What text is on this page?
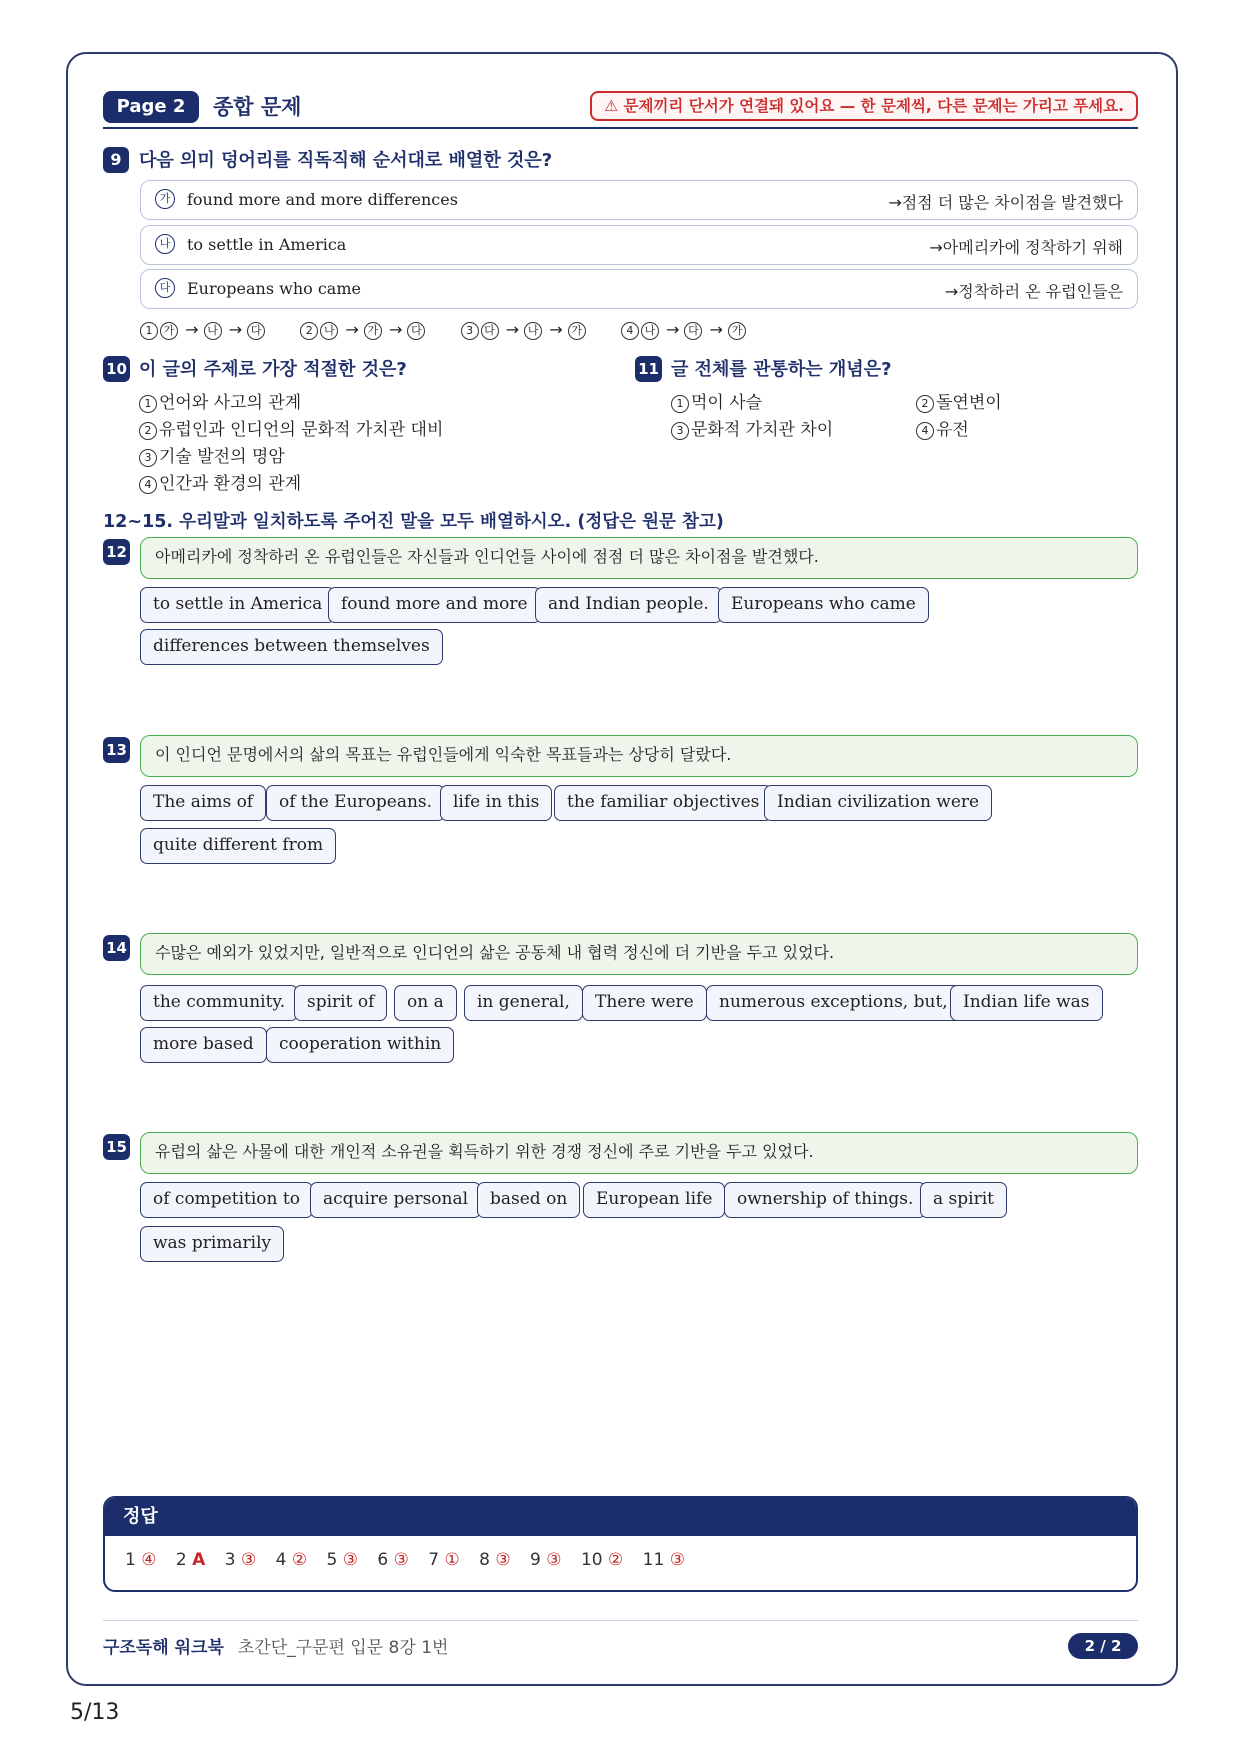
Page 2	종합 문제	⚠ 문제끼리 단서가 연결돼 있어요 — 한 문제씩, 다른 문제는 가리고 푸세요.
9 다음 의미 덩어리를 직독직해 순서대로 배열한 것은?
가 found more and more differences	→점점 더 많은 차이점을 발견했다
나 to settle in America	→아메리카에 정착하기 위해
다 Europeans who came	→정착하러 온 유럽인들은
1 가 → 나 → 다	2 나 → 가 → 다	3 다 → 나 → 가	4 나 → 다 → 가
10 이 글의 주제로 가장 적절한 것은?
1 언어와 사고의 관계
2 유럽인과 인디언의 문화적 가치관 대비
3 기술 발전의 명암
4 인간과 환경의 관계
11 글 전체를 관통하는 개념은?
1 먹이 사슬	2 돌연변이
3 문화적 가치관 차이	4 유전
12~15. 우리말과 일치하도록 주어진 말을 모두 배열하시오. (정답은 원문 참고)
12	아메리카에 정착하러 온 유럽인들은 자신들과 인디언들 사이에 점점 더 많은 차이점을 발견했다.
to settle in America	found more and more	and Indian people.	Europeans who came
differences between themselves
13	이 인디언 문명에서의 삶의 목표는 유럽인들에게 익숙한 목표들과는 상당히 달랐다.
The aims of	of the Europeans.	life in this	the familiar objectives	Indian civilization were
quite different from
14	수많은 예외가 있었지만, 일반적으로 인디언의 삶은 공동체 내 협력 정신에 더 기반을 두고 있었다.
the community.	spirit of	on a	in general,	There were	numerous exceptions, but, Indian life was
more based	cooperation within
15	유럽의 삶은 사물에 대한 개인적 소유권을 획득하기 위한 경쟁 정신에 주로 기반을 두고 있었다.
of competition to	acquire personal	based on	European life	ownership of things.	a spirit
was primarily
정답
1 ④ 2 A 3 ③ 4 ② 5 ③ 6 ③ 7 ① 8 ③ 9 ③ 10 ② 11 ③
구조독해 워크북 초간단_구문편 입문 8강 1번	2 / 2
5/13
